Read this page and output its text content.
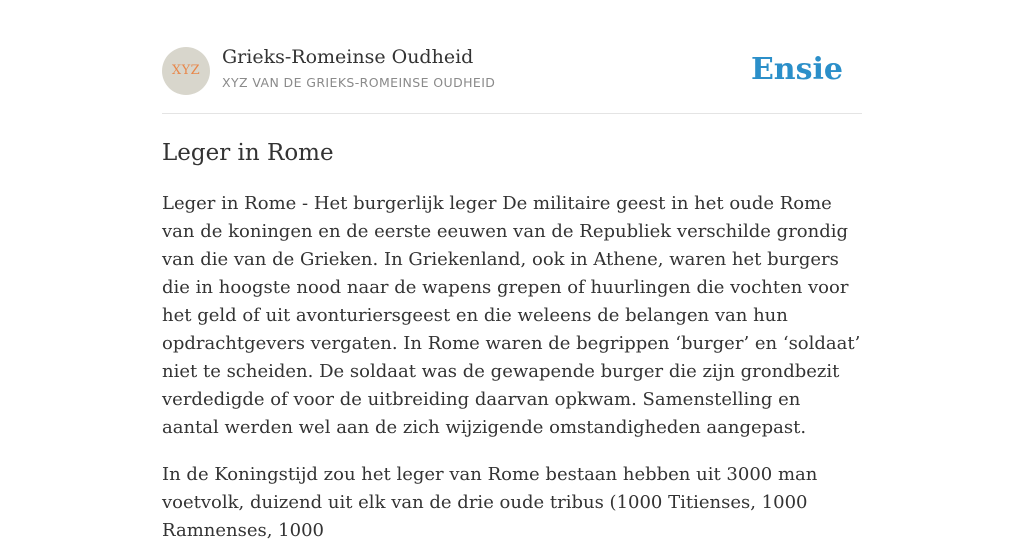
XYZ
Grieks-Romeinse Oudheid
XYZ VAN DE GRIEKS-ROMEINSE OUDHEID	Ensie
Leger in Rome

Leger in Rome - Het burgerlijk leger De militaire geest in het oude Rome van de koningen en de eerste eeuwen van de Republiek verschilde grondig van die van de Grieken. In Griekenland, ook in Athene, waren het burgers die in hoogste nood naar de wapens grepen of huurlingen die vochten voor het geld of uit avonturiersgeest en die weleens de belangen van hun opdrachtgevers vergaten. In Rome waren de begrippen ‘burger’ en ‘soldaat’ niet te scheiden. De soldaat was de gewapende burger die zijn grondbezit verdedigde of voor de uitbreiding daarvan opkwam. Samenstelling en aantal werden wel aan de zich wijzigende omstandigheden aangepast.

In de Koningstijd zou het leger van Rome bestaan hebben uit 3000 man voetvolk, duizend uit elk van de drie oude tribus (1000 Titienses, 1000 Ramnenses, 1000
